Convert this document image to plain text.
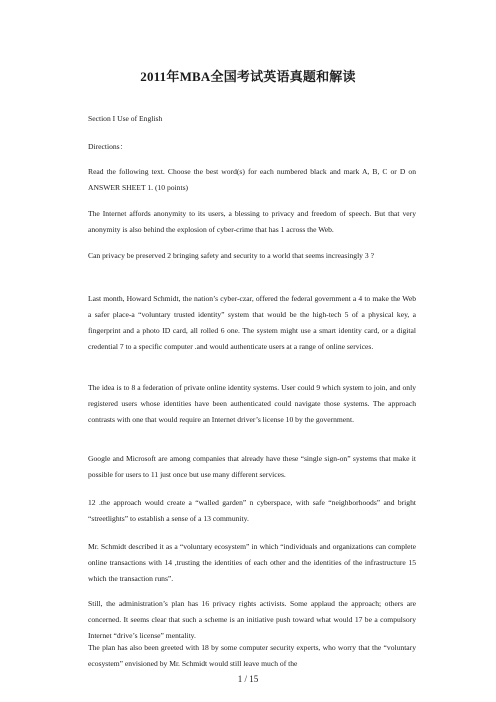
2011年MBA全国考试英语真题和解读
Section I Use of English
Directions：
Read the following text. Choose the best word(s) for each numbered black and mark A, B, C or D on ANSWER SHEET 1. (10 points)
The Internet affords anonymity to its users, a blessing to privacy and freedom of speech. But that very anonymity is also behind the explosion of cyber-crime that has 1 across the Web.
Can privacy be preserved 2 bringing safety and security to a world that seems increasingly 3 ?
Last month, Howard Schmidt, the nation’s cyber-czar, offered the federal government a 4 to make the Web a safer place-a “voluntary trusted identity” system that would be the high-tech 5 of a physical key, a fingerprint and a photo ID card, all rolled 6 one. The system might use a smart identity card, or a digital credential 7 to a specific computer .and would authenticate users at a range of online services.
The idea is to 8 a federation of private online identity systems. User could 9 which system to join, and only registered users whose identities have been authenticated could navigate those systems. The approach contrasts with one that would require an Internet driver’s license 10 by the government.
Google and Microsoft are among companies that already have these “single sign-on” systems that make it possible for users to 11 just once but use many different services.
12 .the approach would create a “walled garden” n cyberspace, with safe “neighborhoods” and bright “streetlights” to establish a sense of a 13 community.
Mr. Schmidt described it as a “voluntary ecosystem” in which “individuals and organizations can complete online transactions with 14 ,trusting the identities of each other and the identities of the infrastructure 15 which the transaction runs”.
Still, the administration’s plan has 16 privacy rights activists. Some applaud the approach; others are concerned. It seems clear that such a scheme is an initiative push toward what would 17 be a compulsory Internet “drive’s license” mentality.
The plan has also been greeted with 18 by some computer security experts, who worry that the “voluntary ecosystem” envisioned by Mr. Schmidt would still leave much of the
1 / 15
